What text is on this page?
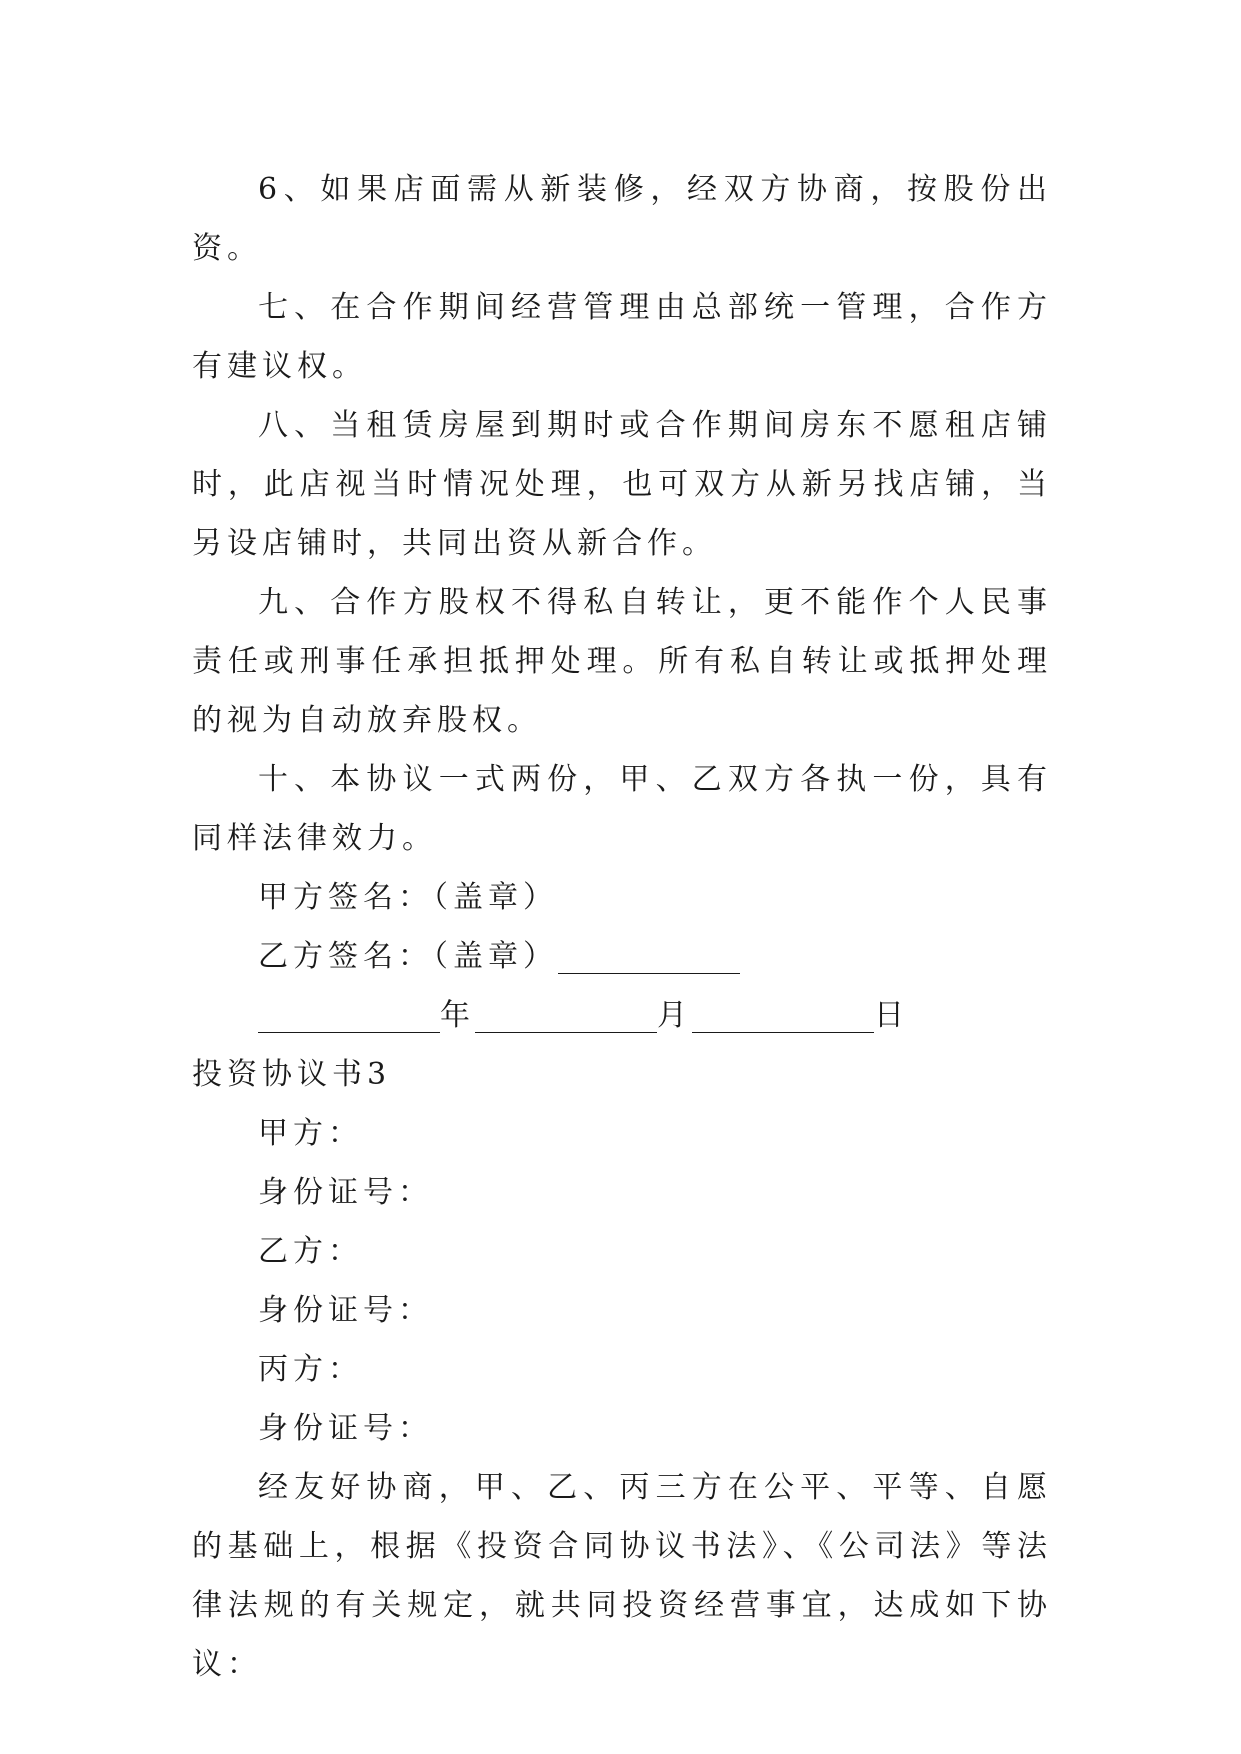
6、如果店面需从新装修，经双方协商，按股份出资。

七、在合作期间经营管理由总部统一管理，合作方有建议权。

八、当租赁房屋到期时或合作期间房东不愿租店铺时，此店视当时情况处理，也可双方从新另找店铺，当另设店铺时，共同出资从新合作。

九、合作方股权不得私自转让，更不能作个人民事责任或刑事任承担抵押处理。所有私自转让或抵押处理的视为自动放弃股权。

十、本协议一式两份，甲、乙双方各执一份，具有同样法律效力。

甲方签名：（盖章）

乙方签名：（盖章）

年	月	日

投资协议书3

甲方：

身份证号：

乙方：

身份证号：

丙方：

身份证号：

经友好协商，甲、乙、丙三方在公平、平等、自愿的基础上，根据《投资合同协议书法》、《公司法》等法律法规的有关规定，就共同投资经营事宜，达成如下协议：
